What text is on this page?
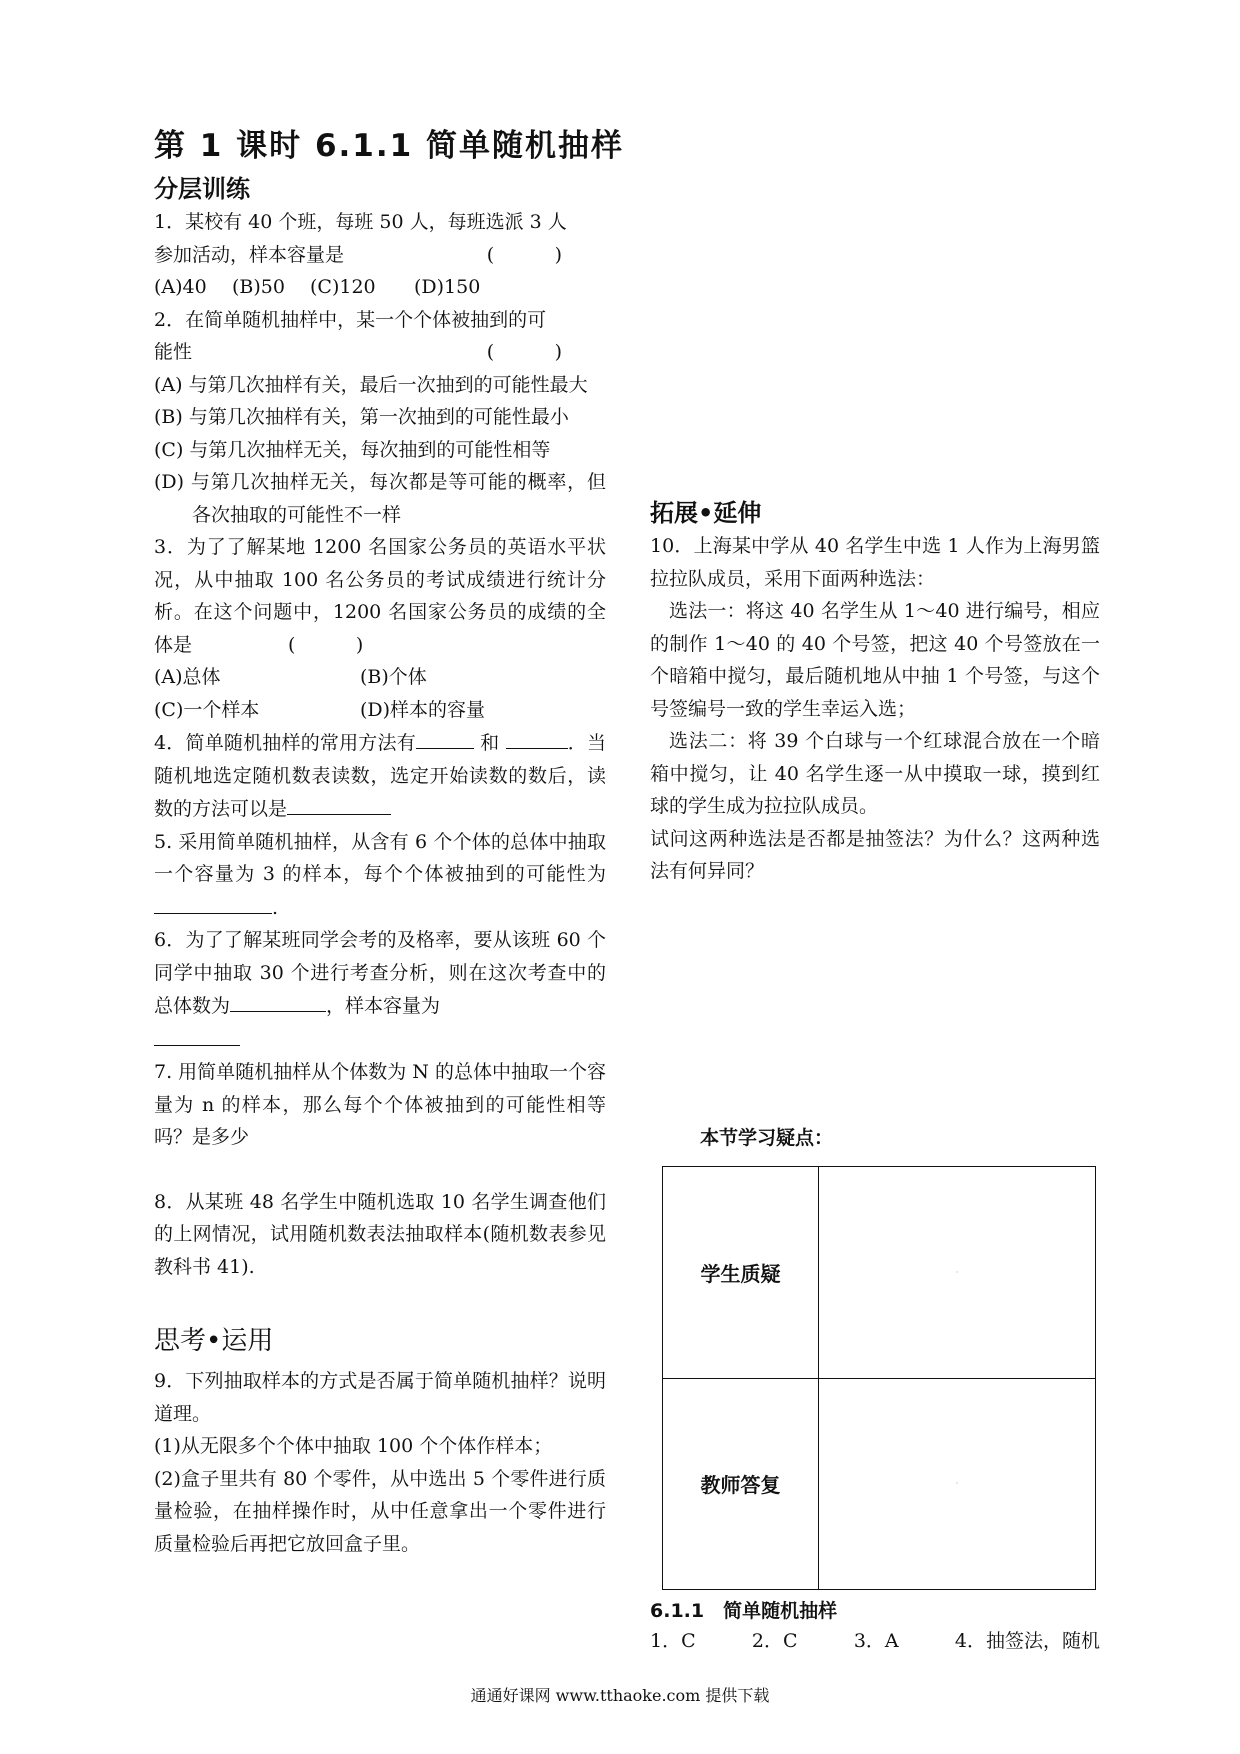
第 1 课时 6.1.1 简单随机抽样
分层训练
1．某校有 40 个班，每班 50 人，每班选派 3 人
参加活动，样本容量是	(          )
(A)40	(B)50	(C)120	(D)150
2．在简单随机抽样中，某一个个体被抽到的可
能性	(          )
(A) 与第几次抽样有关，最后一次抽到的可能性最大
(B) 与第几次抽样有关，第一次抽到的可能性最小
(C) 与第几次抽样无关，每次抽到的可能性相等
(D) 与第几次抽样无关，每次都是等可能的概率，但各次抽取的可能性不一样
3．为了了解某地 1200 名国家公务员的英语水平状况，从中抽取 100 名公务员的考试成绩进行统计分析。在这个问题中，1200 名国家公务员的成绩的全体是	(          )
(A)总体	(B)个体
(C)一个样本	(D)样本的容量
4．简单随机抽样的常用方法有	和	．当随机地选定随机数表读数，选定开始读数的数后，读数的方法可以是
5. 采用简单随机抽样，从含有 6 个个体的总体中抽取一个容量为 3 的样本，每个个体被抽到的可能性为.
6．为了了解某班同学会考的及格率，要从该班 60 个同学中抽取 30 个进行考查分析，则在这次考查中的总体数为	，样本容量为
7. 用简单随机抽样从个体数为 N 的总体中抽取一个容量为 n 的样本，那么每个个体被抽到的可能性相等吗？是多少
8．从某班 48 名学生中随机选取 10 名学生调查他们的上网情况，试用随机数表法抽取样本(随机数表参见教科书 41).
思考•运用
9．下列抽取样本的方式是否属于简单随机抽样？说明道理。
(1)从无限多个个体中抽取 100 个个体作样本；
(2)盒子里共有 80 个零件，从中选出 5 个零件进行质量检验，在抽样操作时，从中任意拿出一个零件进行质量检验后再把它放回盒子里。
拓展•延伸
10．上海某中学从 40 名学生中选 1 人作为上海男篮拉拉队成员，采用下面两种选法：
选法一：将这 40 名学生从 1～40 进行编号，相应的制作 1～40 的 40 个号签，把这 40 个号签放在一个暗箱中搅匀，最后随机地从中抽 1 个号签，与这个号签编号一致的学生幸运入选；
选法二：将 39 个白球与一个红球混合放在一个暗箱中搅匀，让 40 名学生逐一从中摸取一球，摸到红球的学生成为拉拉队成员。
试问这两种选法是否都是抽签法？为什么？这两种选法有何异同？
本节学习疑点：
学生质疑	·

教师答复	·
6.1.1　简单随机抽样
1．C	2．C	3．A	4．抽签法，随机
通通好课网 www.tthaoke.com 提供下载
